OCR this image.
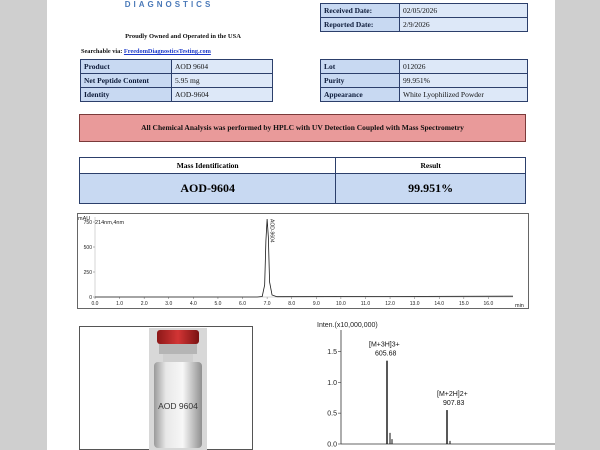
DIAGNOSTICS
Proudly Owned and Operated in the USA
Searchable via: FreedomDiagnosticsTesting.com
Received Date:	02/05/2026
Reported Date:	2/9/2026
Product	AOD 9604
Net Peptide Content	5.95 mg
Identity	AOD-9604
Lot	012026
Purity	99.951%
Appearance	White Lyophilized Powder
All Chemical Analysis was performed by HPLC with UV Detection Coupled with Mass Spectrometry
Mass Identification	Result
AOD-9604	99.951%
mAU
214nm,4nm
min
0.0	1.0	2.0	3.0	4.0	5.0	6.0	7.0	8.0	9.0	10.0	11.0	12.0	13.0	14.0	15.0	16.0
0
250
500
750	AOD-9604
AOD 9604
Inten.(x10,000,000)
0.0
0.5
1.0
1.5
[M+3H]3+
605.68
[M+2H]2+
907.83
